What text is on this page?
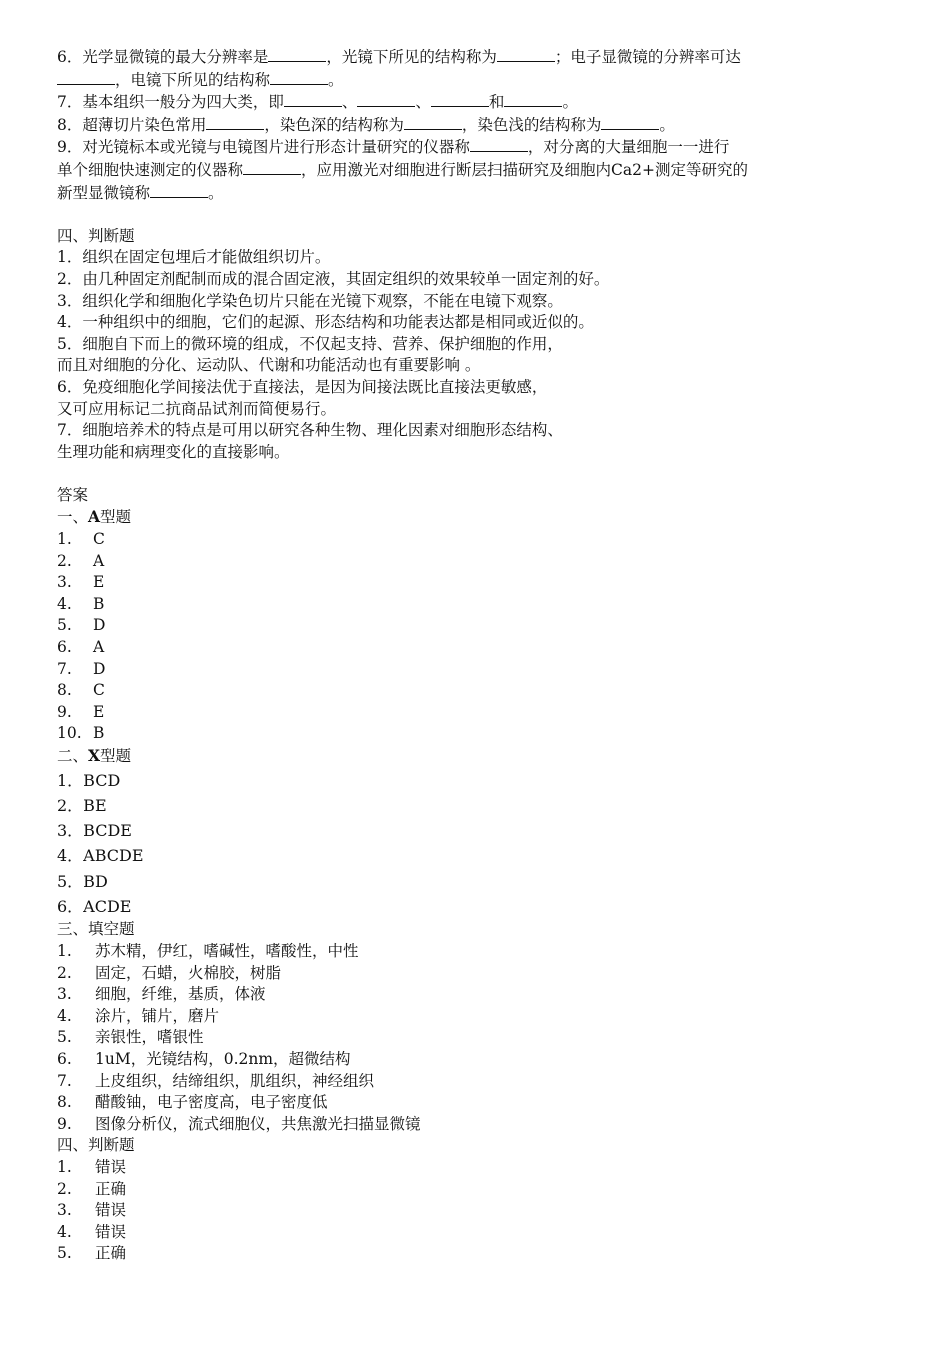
6．光学显微镜的最大分辨率是	，光镜下所见的结构称为	；电子显微镜的分辨率可达
，电镜下所见的结构称	。
7．基本组织一般分为四大类，即	、	、	和	。
8．超薄切片染色常用	，染色深的结构称为	，染色浅的结构称为	。
9．对光镜标本或光镜与电镜图片进行形态计量研究的仪器称	，对分离的大量细胞一一进行
单个细胞快速测定的仪器称	，应用激光对细胞进行断层扫描研究及细胞内Ca2+测定等研究的
新型显微镜称	。
四、判断题
1．组织在固定包埋后才能做组织切片。
2．由几种固定剂配制而成的混合固定液，其固定组织的效果较单一固定剂的好。
3．组织化学和细胞化学染色切片只能在光镜下观察，不能在电镜下观察。
4．一种组织中的细胞，它们的起源、形态结构和功能表达都是相同或近似的。
5．细胞自下而上的微环境的组成，不仅起支持、营养、保护细胞的作用，
而且对细胞的分化、运动队、代谢和功能活动也有重要影响 。
6．免疫细胞化学间接法优于直接法，是因为间接法既比直接法更敏感，
又可应用标记二抗商品试剂而简便易行。
7．细胞培养术的特点是可用以研究各种生物、理化因素对细胞形态结构、
生理功能和病理变化的直接影响。
答案
一、A型题
1. C
2. A
3. E
4. B
5. D
6. A
7. D
8. C
9. E
10. B
二、X型题
1．BCD
2．BE
3．BCDE
4．ABCDE
5．BD
6．ACDE
三、填空题
1. 苏木精，伊红，嗜碱性，嗜酸性，中性
2. 固定，石蜡，火棉胶，树脂
3. 细胞，纤维，基质，体液
4. 涂片，铺片，磨片
5. 亲银性，嗜银性
6. 1uM，光镜结构，0.2nm，超微结构
7. 上皮组织，结缔组织，肌组织，神经组织
8. 醋酸铀，电子密度高，电子密度低
9. 图像分析仪，流式细胞仪，共焦激光扫描显微镜
四、判断题
1. 错误
2. 正确
3. 错误
4. 错误
5. 正确
